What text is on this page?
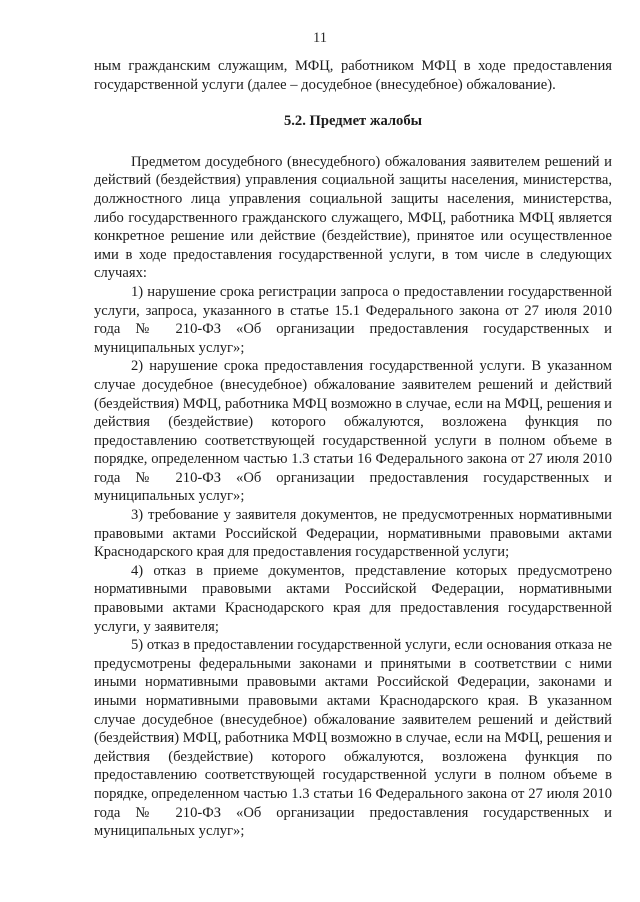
11

ным гражданским служащим, МФЦ, работником МФЦ в ходе предоставления государственной услуги (далее – досудебное (внесудебное) обжалование).

5.2. Предмет жалобы

Предметом досудебного (внесудебного) обжалования заявителем решений и действий (бездействия) управления социальной защиты населения, министерства, должностного лица управления социальной защиты населения, министерства, либо государственного гражданского служащего, МФЦ, работника МФЦ является конкретное решение или действие (бездействие), принятое или осуществленное ими в ходе предоставления государственной услуги, в том числе в следующих случаях:

1) нарушение срока регистрации запроса о предоставлении государственной услуги, запроса, указанного в статье 15.1 Федерального закона от 27 июля 2010 года № 210-ФЗ «Об организации предоставления государственных и муниципальных услуг»;

2) нарушение срока предоставления государственной услуги. В указанном случае досудебное (внесудебное) обжалование заявителем решений и действий (бездействия) МФЦ, работника МФЦ возможно в случае, если на МФЦ, решения и действия (бездействие) которого обжалуются, возложена функция по предоставлению соответствующей государственной услуги в полном объеме в порядке, определенном частью 1.3 статьи 16 Федерального закона от 27 июля 2010 года № 210-ФЗ «Об организации предоставления государственных и муниципальных услуг»;

3) требование у заявителя документов, не предусмотренных нормативными правовыми актами Российской Федерации, нормативными правовыми актами Краснодарского края для предоставления государственной услуги;

4) отказ в приеме документов, представление которых предусмотрено нормативными правовыми актами Российской Федерации, нормативными правовыми актами Краснодарского края для предоставления государственной услуги, у заявителя;

5) отказ в предоставлении государственной услуги, если основания отказа не предусмотрены федеральными законами и принятыми в соответствии с ними иными нормативными правовыми актами Российской Федерации, законами и иными нормативными правовыми актами Краснодарского края. В указанном случае досудебное (внесудебное) обжалование заявителем решений и действий (бездействия) МФЦ, работника МФЦ возможно в случае, если на МФЦ, решения и действия (бездействие) которого обжалуются, возложена функция по предоставлению соответствующей государственной услуги в полном объеме в порядке, определенном частью 1.3 статьи 16 Федерального закона от 27 июля 2010 года № 210-ФЗ «Об организации предоставления государственных и муниципальных услуг»;
